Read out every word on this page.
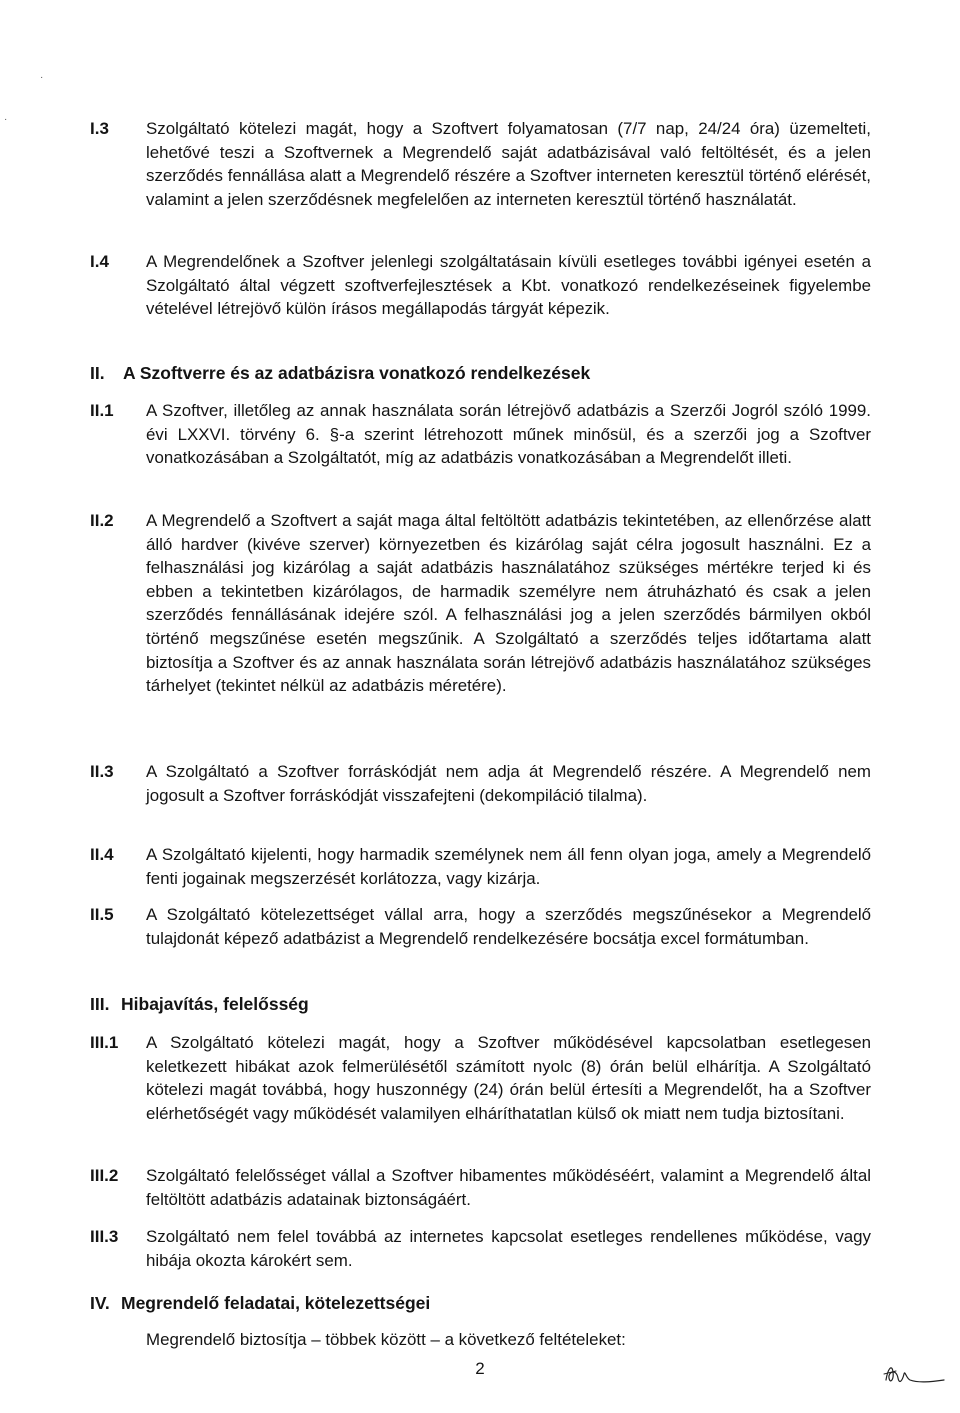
I.3 Szolgáltató kötelezi magát, hogy a Szoftvert folyamatosan (7/7 nap, 24/24 óra) üzemelteti, lehetővé teszi a Szoftvernek a Megrendelő saját adatbázisával való feltöltését, és a jelen szerződés fennállása alatt a Megrendelő részére a Szoftver interneten keresztül történő elérését, valamint a jelen szerződésnek megfelelően az interneten keresztül történő használatát.
I.4 A Megrendelőnek a Szoftver jelenlegi szolgáltatásain kívüli esetleges további igényei esetén a Szolgáltató által végzett szoftverfejlesztések a Kbt. vonatkozó rendelkezéseinek figyelembe vételével létrejövő külön írásos megállapodás tárgyát képezik.
II. A Szoftverre és az adatbázisra vonatkozó rendelkezések
II.1 A Szoftver, illetőleg az annak használata során létrejövő adatbázis a Szerzői Jogról szóló 1999. évi LXXVI. törvény 6. §-a szerint létrehozott műnek minősül, és a szerzői jog a Szoftver vonatkozásában a Szolgáltatót, míg az adatbázis vonatkozásában a Megrendelőt illeti.
II.2 A Megrendelő a Szoftvert a saját maga által feltöltött adatbázis tekintetében, az ellenőrzése alatt álló hardver (kivéve szerver) környezetben és kizárólag saját célra jogosult használni. Ez a felhasználási jog kizárólag a saját adatbázis használatához szükséges mértékre terjed ki és ebben a tekintetben kizárólagos, de harmadik személyre nem átruházható és csak a jelen szerződés fennállásának idejére szól. A felhasználási jog a jelen szerződés bármilyen okból történő megszűnése esetén megszűnik. A Szolgáltató a szerződés teljes időtartama alatt biztosítja a Szoftver és az annak használata során létrejövő adatbázis használatához szükséges tárhelyet (tekintet nélkül az adatbázis méretére).
II.3 A Szolgáltató a Szoftver forráskódját nem adja át Megrendelő részére. A Megrendelő nem jogosult a Szoftver forráskódját visszafejteni (dekompiláció tilalma).
II.4 A Szolgáltató kijelenti, hogy harmadik személynek nem áll fenn olyan joga, amely a Megrendelő fenti jogainak megszerzését korlátozza, vagy kizárja.
II.5 A Szolgáltató kötelezettséget vállal arra, hogy a szerződés megszűnésekor a Megrendelő tulajdonát képező adatbázist a Megrendelő rendelkezésére bocsátja excel formátumban.
III. Hibajavítás, felelősség
III.1 A Szolgáltató kötelezi magát, hogy a Szoftver működésével kapcsolatban esetlegesen keletkezett hibákat azok felmerülésétől számított nyolc (8) órán belül elhárítja. A Szolgáltató kötelezi magát továbbá, hogy huszonnégy (24) órán belül értesíti a Megrendelőt, ha a Szoftver elérhetőségét vagy működését valamilyen elháríthatatlan külső ok miatt nem tudja biztosítani.
III.2 Szolgáltató felelősséget vállal a Szoftver hibamentes működéséért, valamint a Megrendelő által feltöltött adatbázis adatainak biztonságáért.
III.3 Szolgáltató nem felel továbbá az internetes kapcsolat esetleges rendellenes működése, vagy hibája okozta károkért sem.
IV. Megrendelő feladatai, kötelezettségei
Megrendelő biztosítja – többek között – a következő feltételeket:
2
·
·
